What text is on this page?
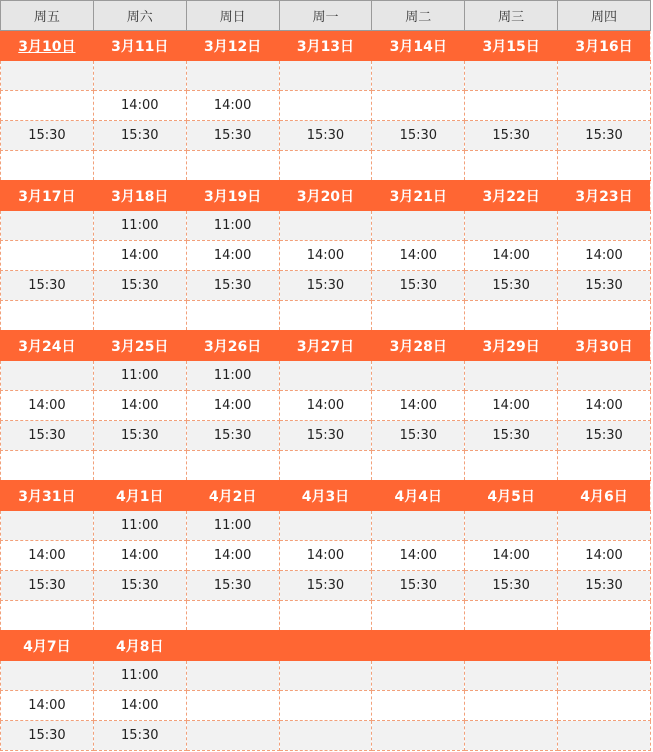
周五	周六	周日	周一	周二	周三	周四
3月10日	3月11日	3月12日	3月13日	3月14日	3月15日	3月16日

	14:00	14:00				
15:30	15:30	15:30	15:30	15:30	15:30	15:30

3月17日	3月18日	3月19日	3月20日	3月21日	3月22日	3月23日
	11:00	11:00				
	14:00	14:00	14:00	14:00	14:00	14:00
15:30	15:30	15:30	15:30	15:30	15:30	15:30

3月24日	3月25日	3月26日	3月27日	3月28日	3月29日	3月30日
	11:00	11:00				
14:00	14:00	14:00	14:00	14:00	14:00	14:00
15:30	15:30	15:30	15:30	15:30	15:30	15:30

3月31日	4月1日	4月2日	4月3日	4月4日	4月5日	4月6日
	11:00	11:00				
14:00	14:00	14:00	14:00	14:00	14:00	14:00
15:30	15:30	15:30	15:30	15:30	15:30	15:30

4月7日	4月8日					
	11:00					
14:00	14:00					
15:30	15:30					
